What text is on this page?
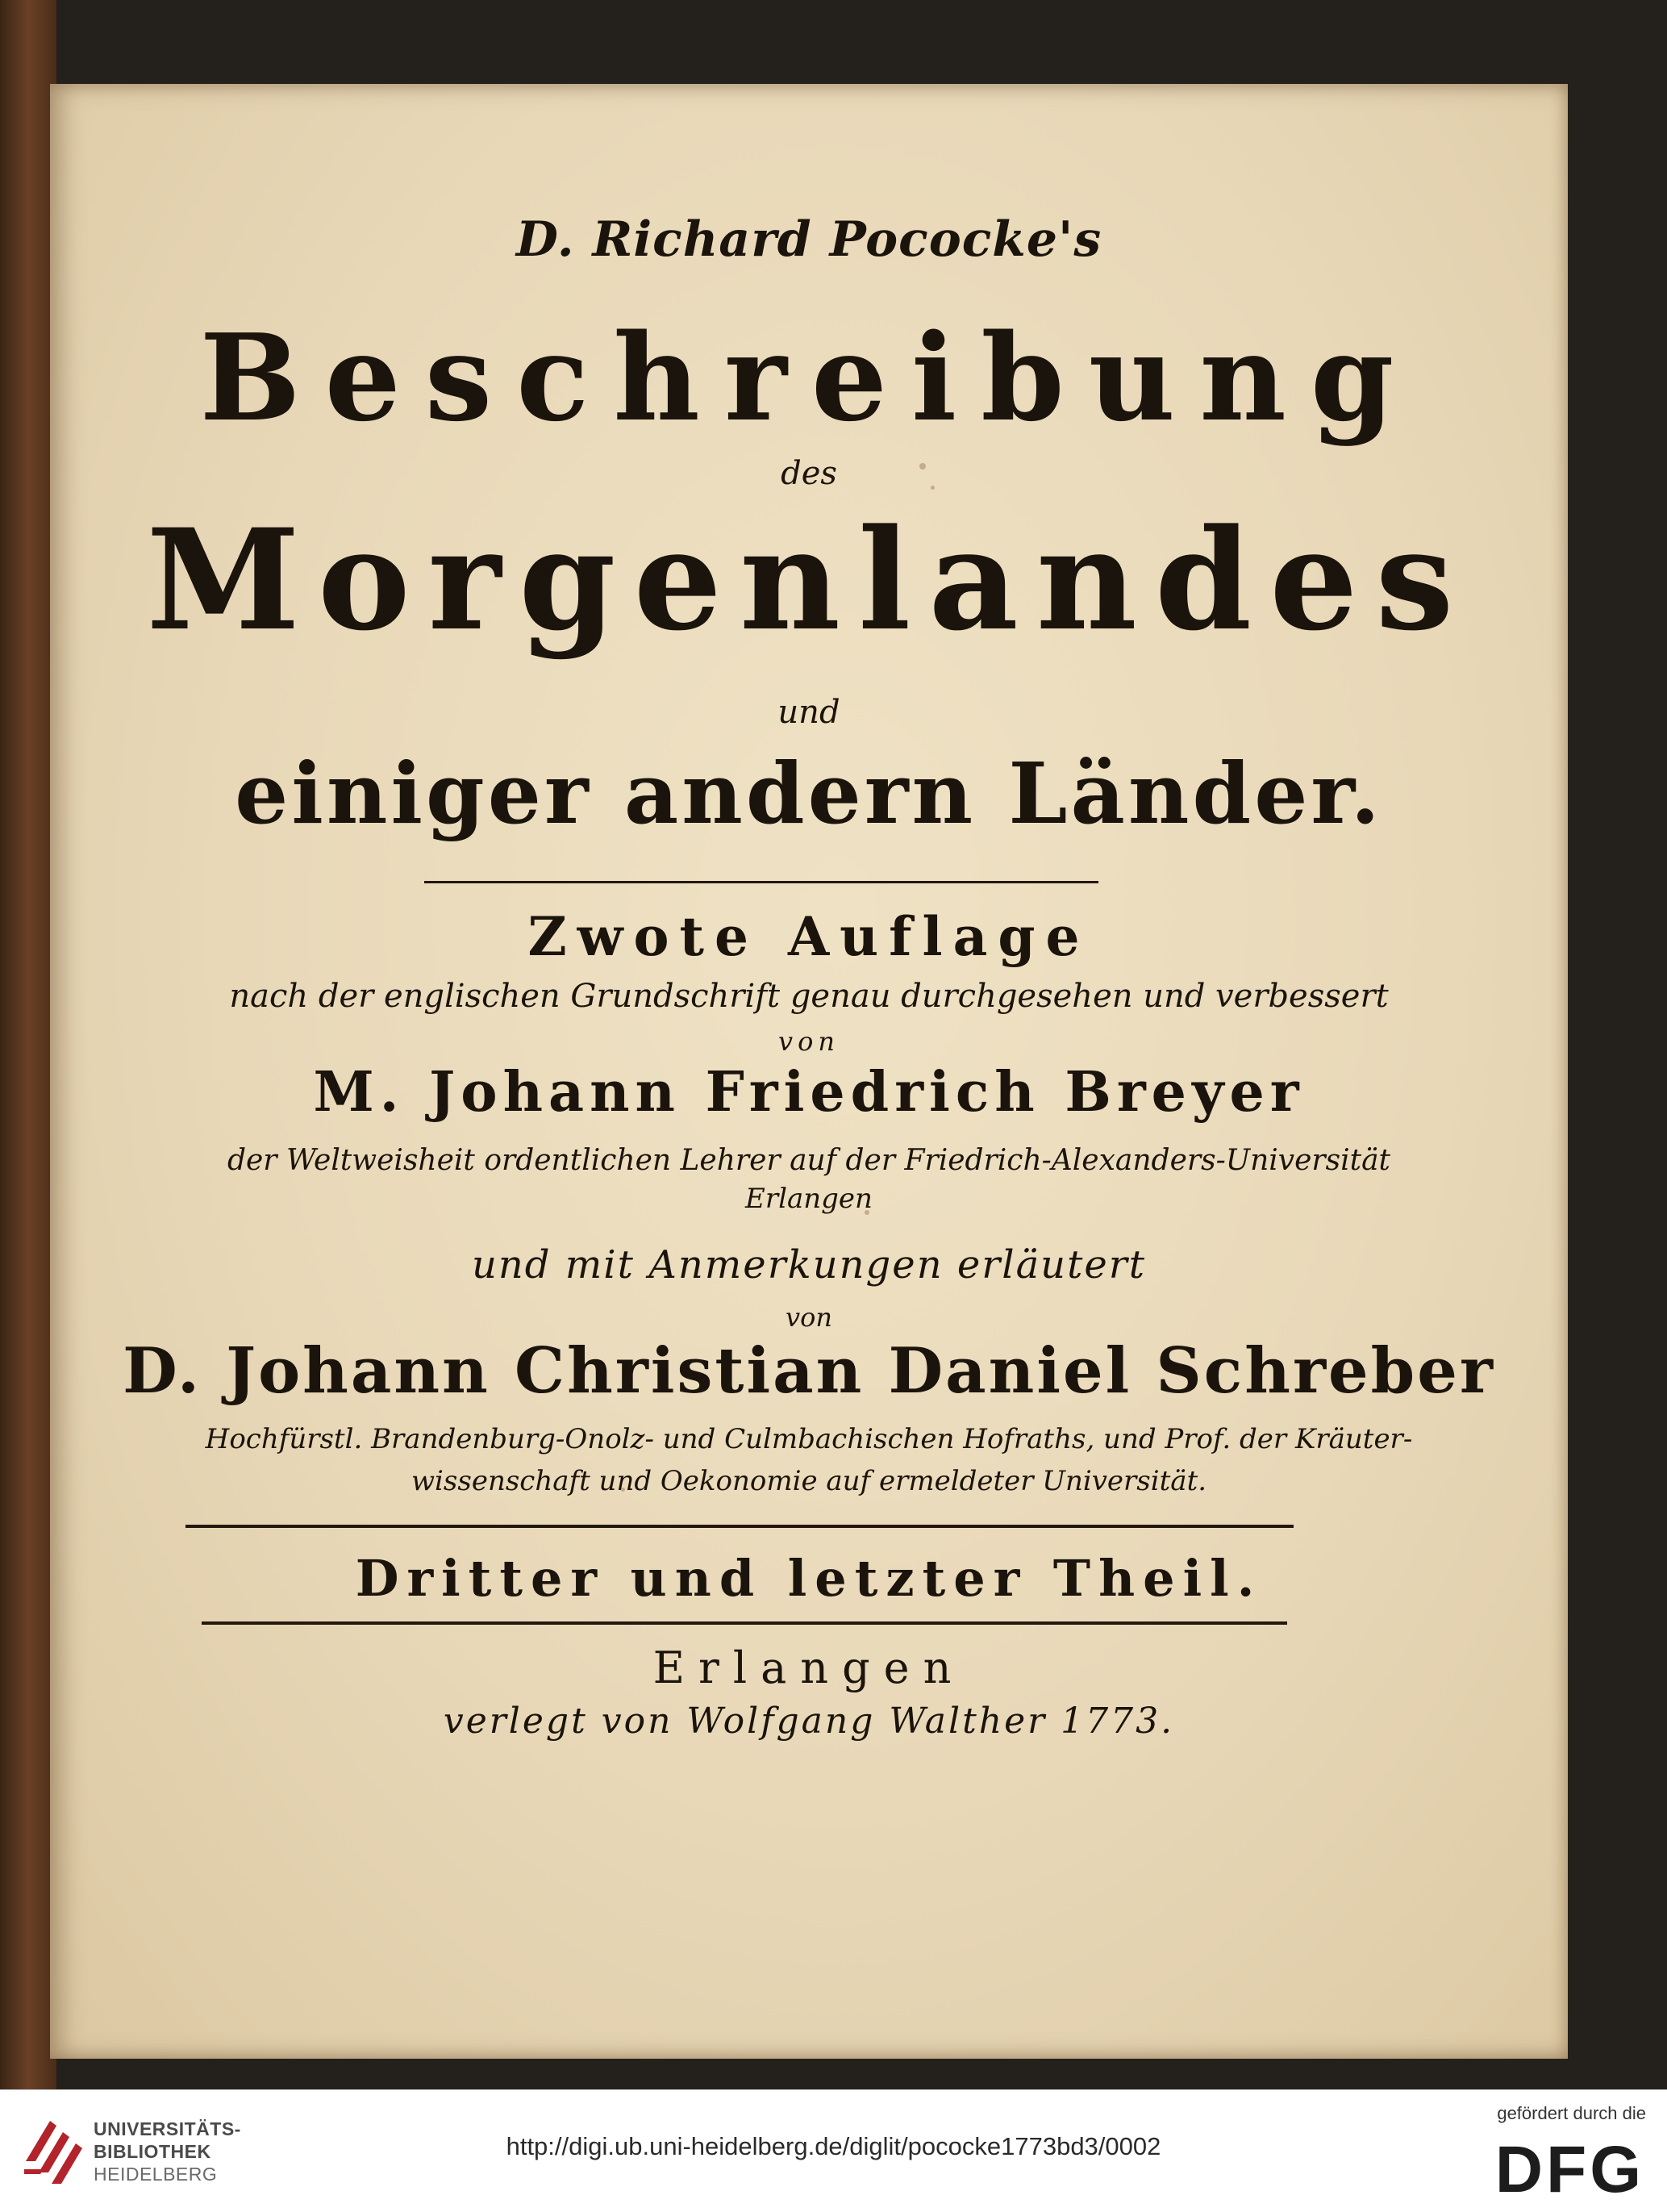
D. Richard Pococke's
Beschreibung
des
Morgenlandes
und
einiger andern Länder.
Zwote Auflage
nach der englischen Grundschrift genau durchgesehen und verbessert
von
M. Johann Friedrich Breyer
der Weltweisheit ordentlichen Lehrer auf der Friedrich-Alexanders-Universität
Erlangen
und mit Anmerkungen erläutert
von
D. Johann Christian Daniel Schreber
Hochfürstl. Brandenburg-Onolz- und Culmbachischen Hofraths, und Prof. der Kräuter-
wissenschaft und Oekonomie auf ermeldeter Universität.
Dritter und letzter Theil.
Erlangen
verlegt von Wolfgang Walther 1773.
UNIVERSITÄTS-
BIBLIOTHEK
HEIDELBERG
http://digi.ub.uni-heidelberg.de/diglit/pococke1773bd3/0002
gefördert durch die
DFG
